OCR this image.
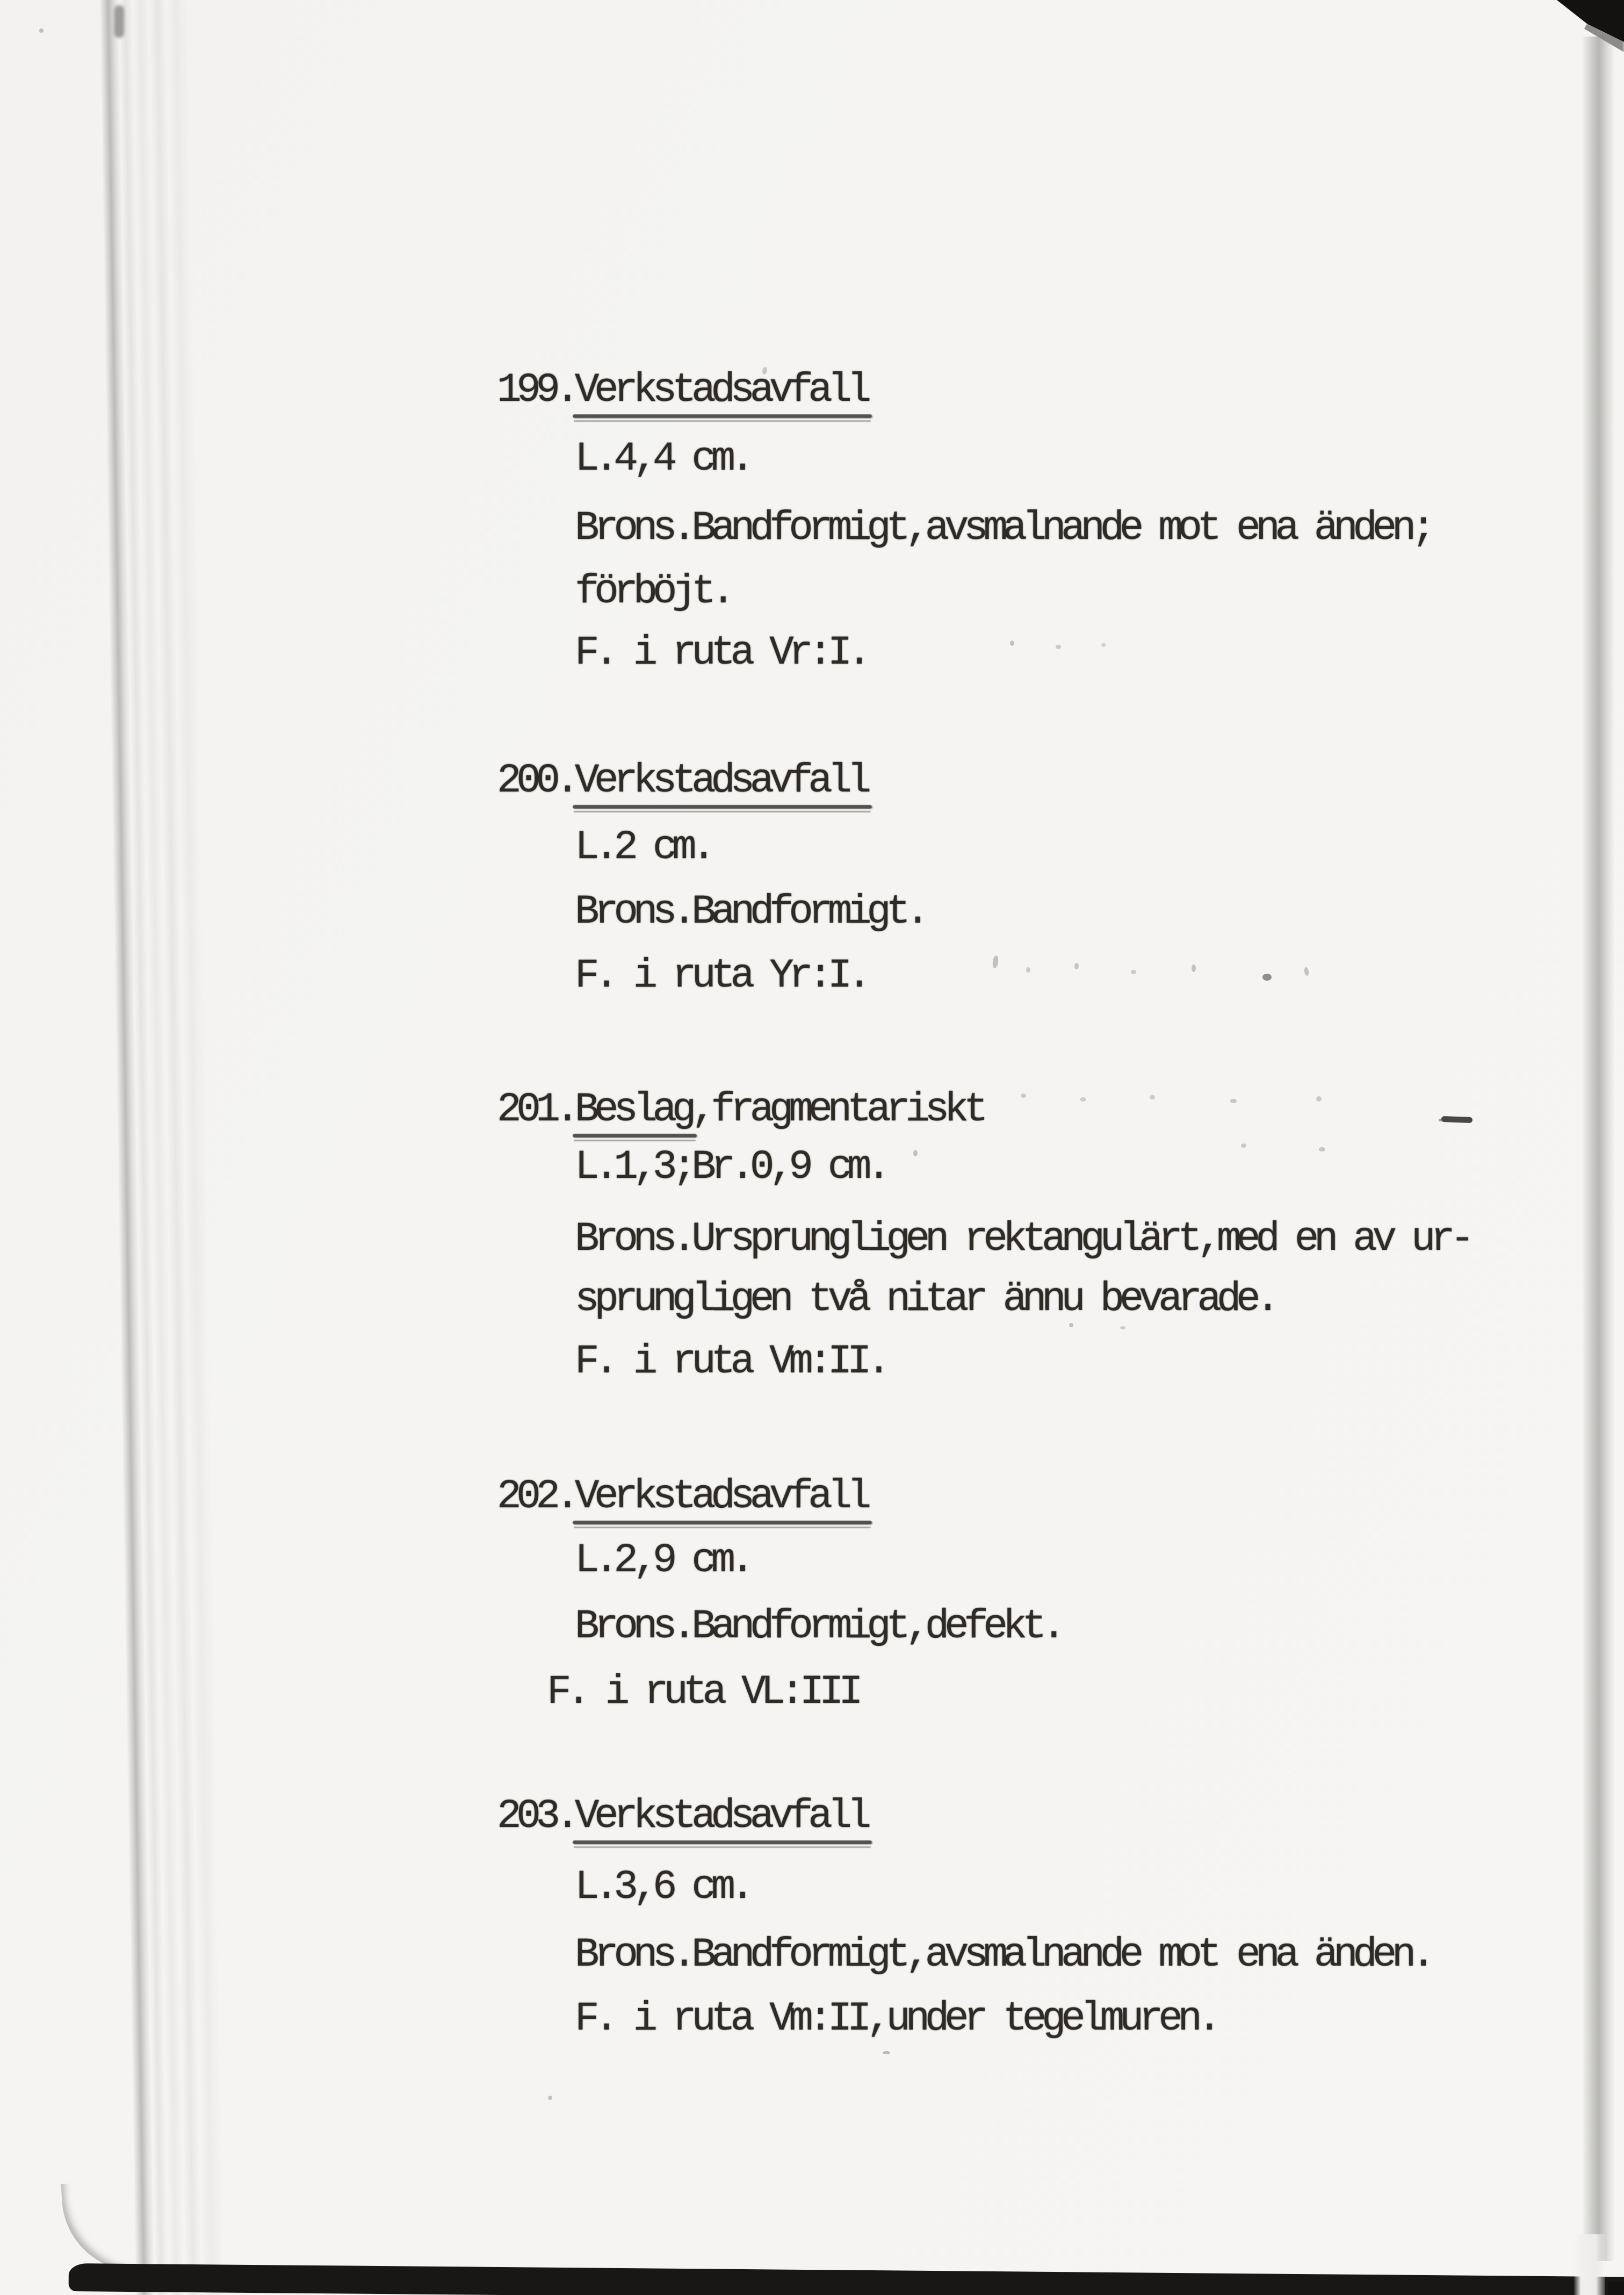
199.Verkstadsavfall
L.4,4 cm.
Brons.Bandformigt,avsmalnande mot ena änden;
förböjt.
F. i ruta Vr:I.
200.Verkstadsavfall
L.2 cm.
Brons.Bandformigt.
F. i ruta Yr:I.
201.Beslag,fragmentariskt
L.1,3;Br.0,9 cm.
Brons.Ursprungligen rektangulärt,med en av ur-
sprungligen två nitar ännu bevarade.
F. i ruta Vm:II.
202.Verkstadsavfall
L.2,9 cm.
Brons.Bandformigt,defekt.
F. i ruta VL:III
203.Verkstadsavfall
L.3,6 cm.
Brons.Bandformigt,avsmalnande mot ena änden.
F. i ruta Vm:II,under tegelmuren.
